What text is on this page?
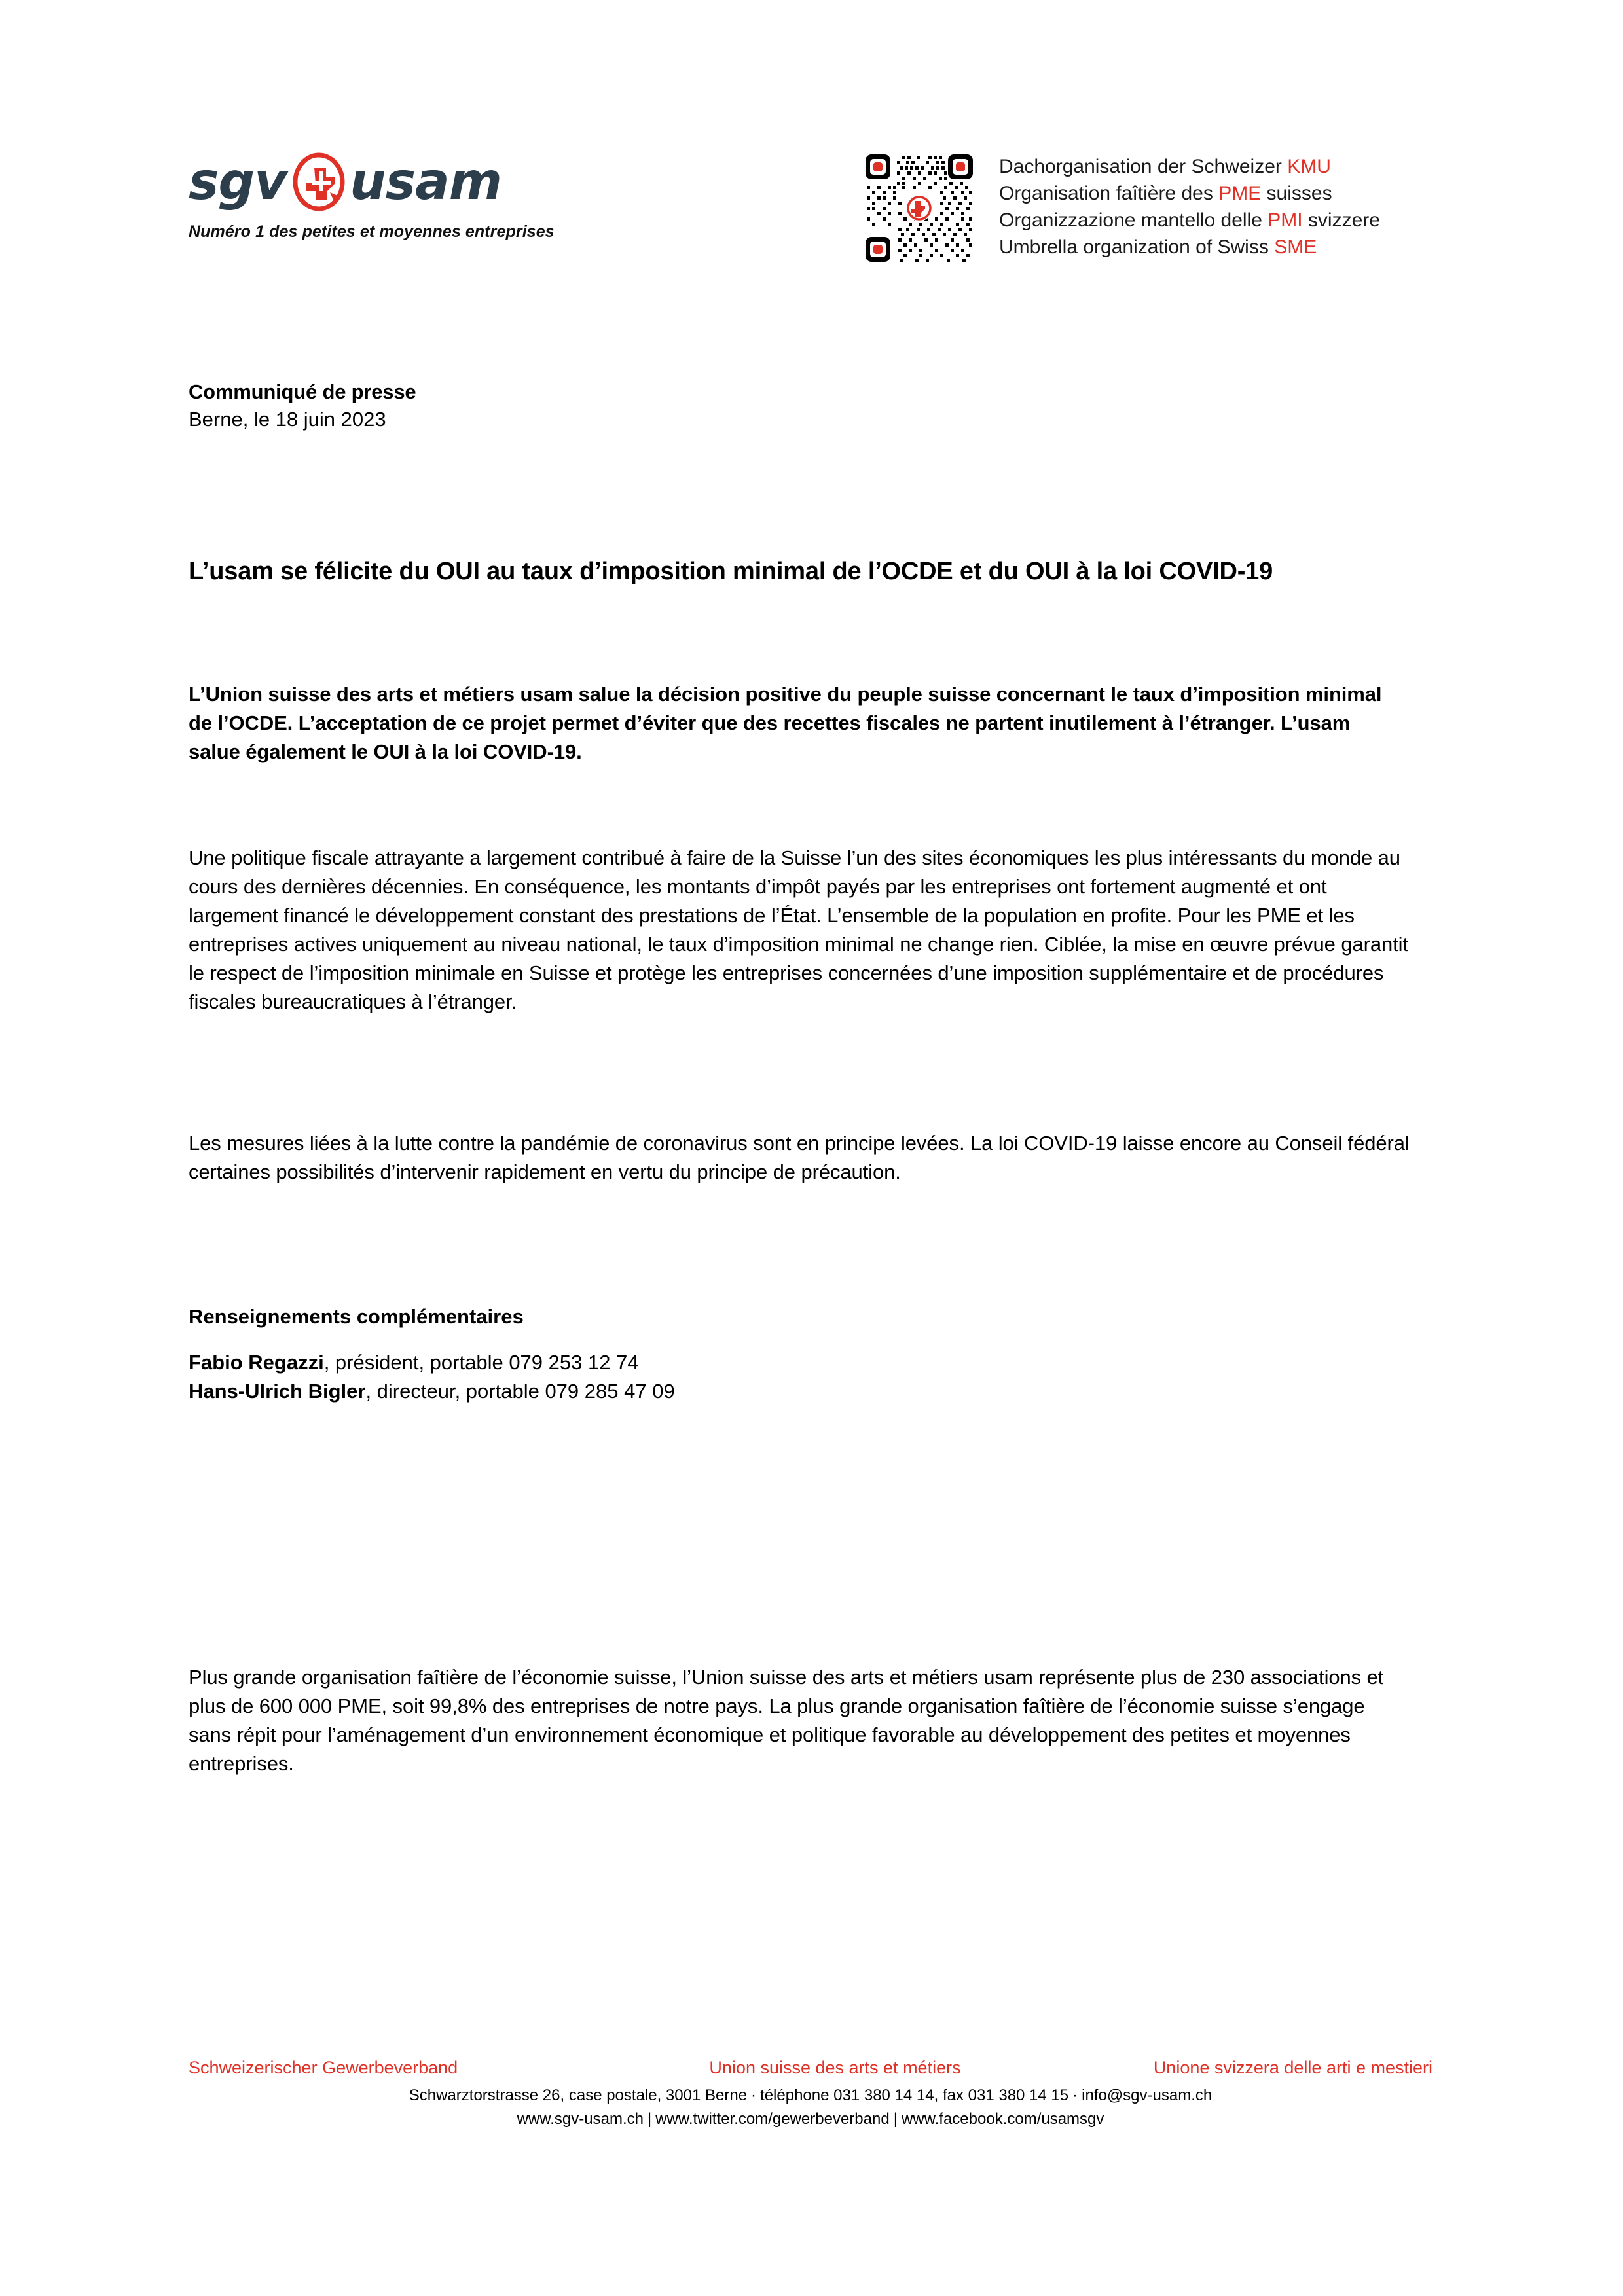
sgv usam
Numéro 1 des petites et moyennes entreprises
Dachorganisation der Schweizer KMU
Organisation faîtière des PME suisses
Organizzazione mantello delle PMI svizzere
Umbrella organization of Swiss SME
Communiqué de presse
Berne, le 18 juin 2023
L’usam se félicite du OUI au taux d’imposition minimal de l’OCDE et du OUI à la loi COVID-19

L’Union suisse des arts et métiers usam salue la décision positive du peuple suisse concernant le taux d’imposition minimal de l’OCDE. L’acceptation de ce projet permet d’éviter que des recettes fiscales ne partent inutilement à l’étranger. L’usam salue également le OUI à la loi COVID-19.

Une politique fiscale attrayante a largement contribué à faire de la Suisse l’un des sites économiques les plus intéressants du monde au cours des dernières décennies. En conséquence, les montants d’impôt payés par les entreprises ont fortement augmenté et ont largement financé le développement constant des prestations de l’État. L’ensemble de la population en profite. Pour les PME et les entreprises actives uniquement au niveau national, le taux d’imposition minimal ne change rien. Ciblée, la mise en œuvre prévue garantit le respect de l’imposition minimale en Suisse et protège les entreprises concernées d’une imposition supplémentaire et de procédures fiscales bureaucratiques à l’étranger.

Les mesures liées à la lutte contre la pandémie de coronavirus sont en principe levées. La loi COVID-19 laisse encore au Conseil fédéral certaines possibilités d’intervenir rapidement en vertu du principe de précaution.

Renseignements complémentaires
Fabio Regazzi, président, portable 079 253 12 74
Hans-Ulrich Bigler, directeur, portable 079 285 47 09

Plus grande organisation faîtière de l’économie suisse, l’Union suisse des arts et métiers usam représente plus de 230 associations et plus de 600 000 PME, soit 99,8% des entreprises de notre pays. La plus grande organisation faîtière de l’économie suisse s’engage sans répit pour l’aménagement d’un environnement économique et politique favorable au développement des petites et moyennes entreprises.

Schweizerischer Gewerbeverband	Union suisse des arts et métiers	Unione svizzera delle arti e mestieri
Schwarztorstrasse 26, case postale, 3001 Berne · téléphone 031 380 14 14, fax 031 380 14 15 · info@sgv-usam.ch
www.sgv-usam.ch | www.twitter.com/gewerbeverband | www.facebook.com/usamsgv
